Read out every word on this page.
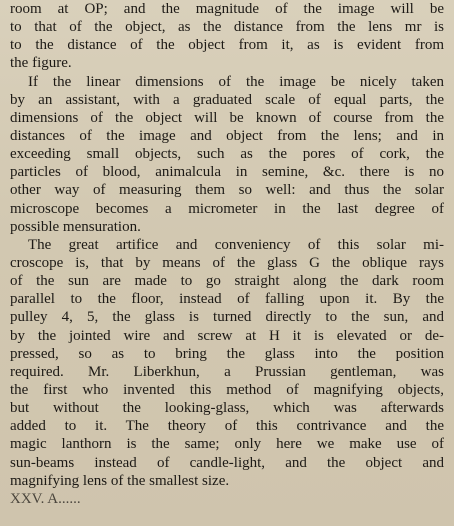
room at OP; and the magnitude of the image will be
to that of the object, as the distance from the lens mr is
to the distance of the object from it, as is evident from
the figure.
If the linear dimensions of the image be nicely taken
by an assistant, with a graduated scale of equal parts, the
dimensions of the object will be known of course from the
distances of the image and object from the lens; and in
exceeding small objects, such as the pores of cork, the
particles of blood, animalcula in semine, &c. there is no
other way of measuring them so well: and thus the solar
microscope becomes a micrometer in the last degree of
possible mensuration.
The great artifice and conveniency of this solar mi-
croscope is, that by means of the glass G the oblique rays
of the sun are made to go straight along the dark room
parallel to the floor, instead of falling upon it. By the
pulley 4, 5, the glass is turned directly to the sun, and
by the jointed wire and screw at H it is elevated or de-
pressed, so as to bring the glass into the position
required. Mr. Liberkhun, a Prussian gentleman, was
the first who invented this method of magnifying objects,
but without the looking-glass, which was afterwards
added to it. The theory of this contrivance and the
magic lanthorn is the same; only here we make use of
sun-beams instead of candle-light, and the object and
magnifying lens of the smallest size.
XXV. A......
